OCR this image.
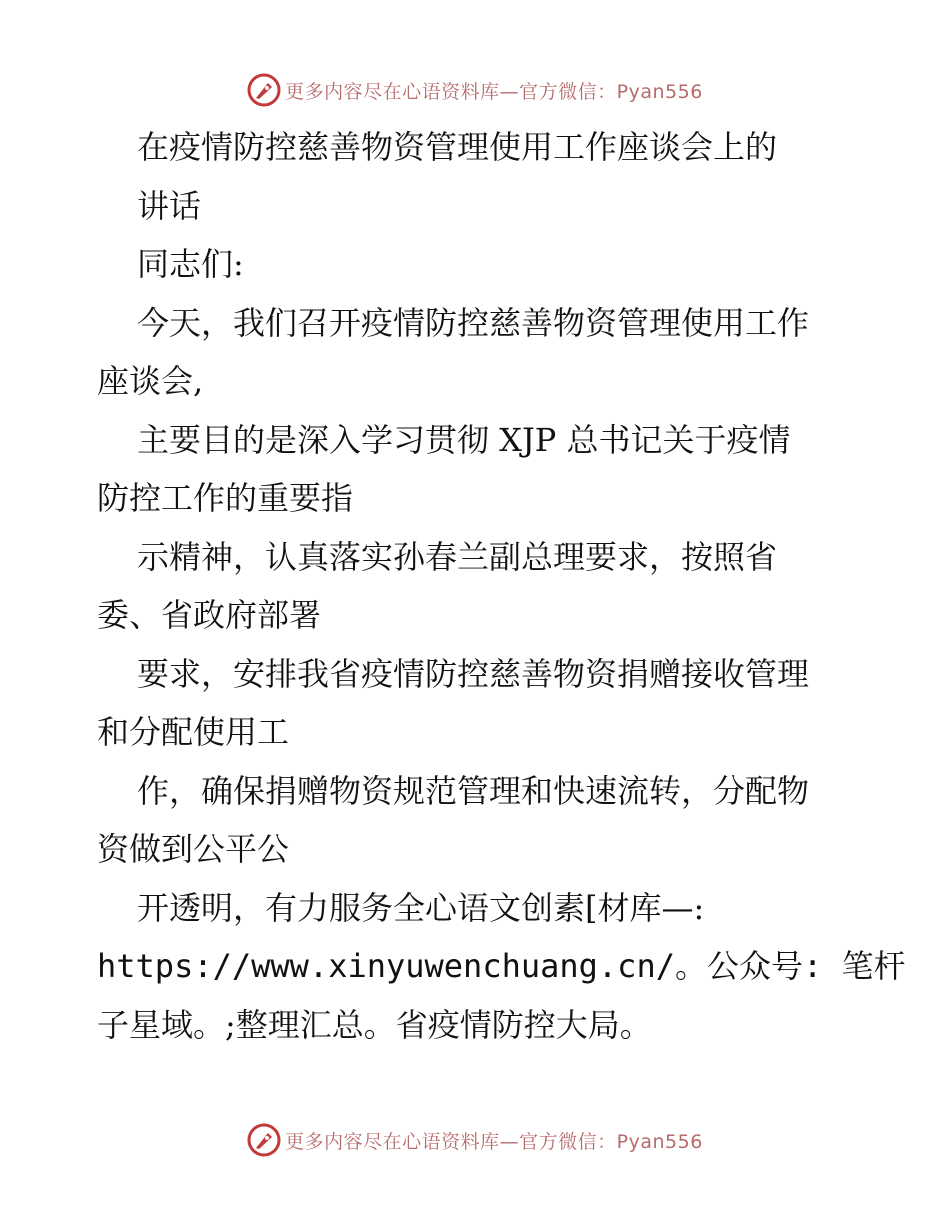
更多内容尽在心语资料库—官方微信：Pyan556
在疫情防控慈善物资管理使用工作座谈会上的
讲话
同志们:
今天，我们召开疫情防控慈善物资管理使用工作
座谈会,
主要目的是深入学习贯彻 XJP 总书记关于疫情
防控工作的重要指
示精神，认真落实孙春兰副总理要求，按照省
委、省政府部署
要求，安排我省疫情防控慈善物资捐赠接收管理
和分配使用工
作，确保捐赠物资规范管理和快速流转，分配物
资做到公平公
开透明，有力服务全心语文创素[材库—:
https://www.xinyuwenchuang.cn/。公众号: 笔杆
子星域。;整理汇总。省疫情防控大局。
更多内容尽在心语资料库—官方微信：Pyan556
